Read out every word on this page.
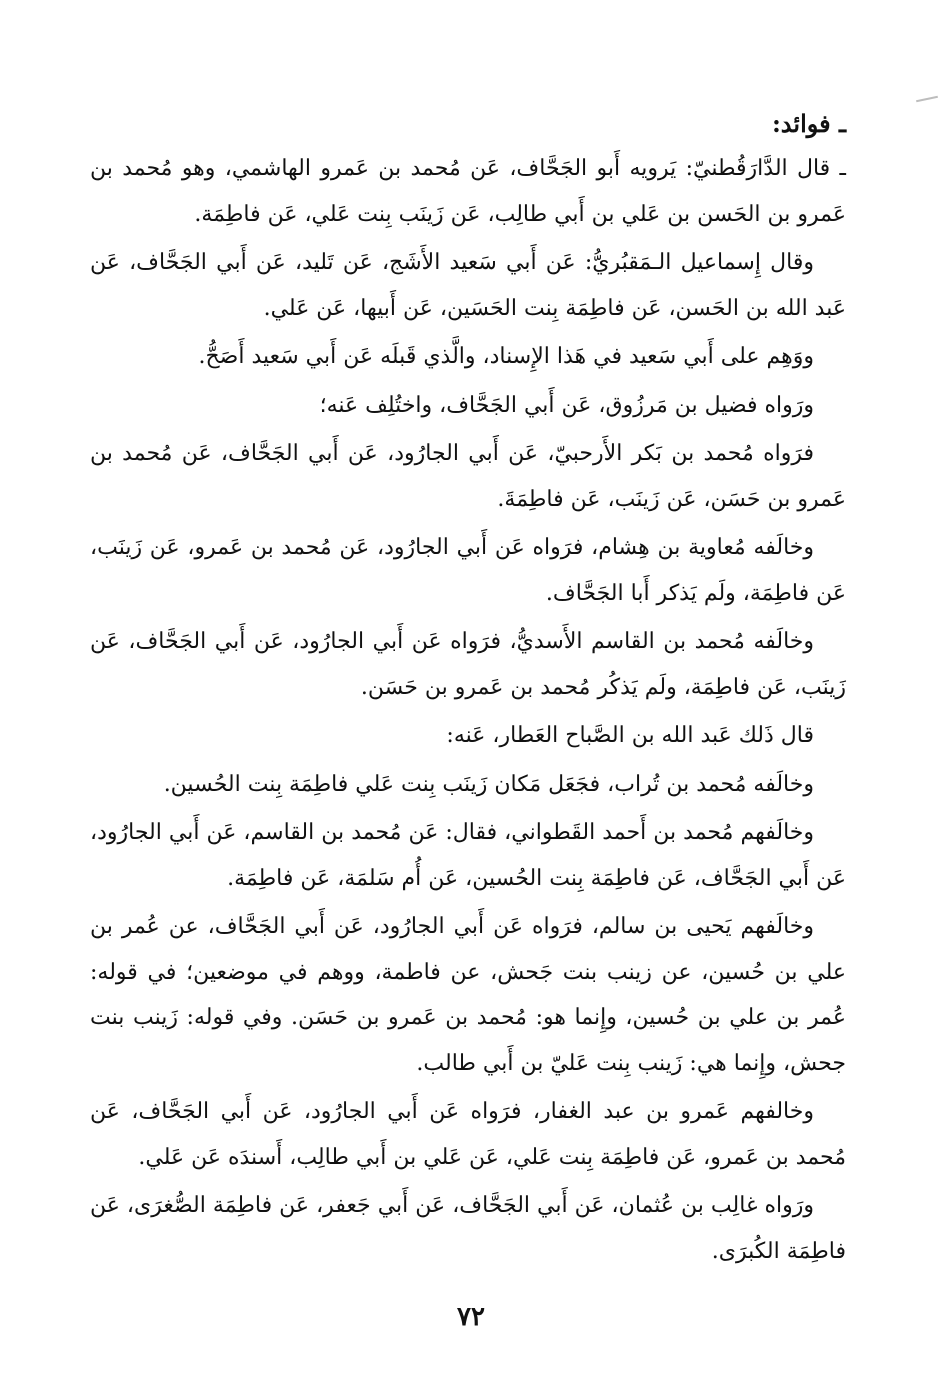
ـ فوائد:

ـ قال الدَّارَقُطنيّ: يَرويه أَبو الجَحَّاف، عَن مُحمد بن عَمرو الهاشمي، وهو مُحمد بن عَمرو بن الحَسن بن عَلي بن أَبي طالِب، عَن زَينَب بِنت عَلي، عَن فاطِمَة.

وقال إِسماعيل الـمَقبُريُّ: عَن أَبي سَعيد الأَشَج، عَن تَليد، عَن أَبي الجَحَّاف، عَن عَبد الله بن الحَسن، عَن فاطِمَة بِنت الحَسَين، عَن أَبيها، عَن عَلي.

ووَهِم على أَبي سَعيد في هَذا الإِسناد، والَّذي قَبلَه عَن أَبي سَعيد أَصَحُّ.

ورَواه فضيل بن مَرزُوق، عَن أَبي الجَحَّاف، واختُلِف عَنه؛

فرَواه مُحمد بن بَكر الأَرحبيّ، عَن أَبي الجارُود، عَن أَبي الجَحَّاف، عَن مُحمد بن عَمرو بن حَسَن، عَن زَينَب، عَن فاطِمَةَ.

وخالَفه مُعاوية بن هِشام، فرَواه عَن أَبي الجارُود، عَن مُحمد بن عَمرو، عَن زَينَب، عَن فاطِمَة، ولَم يَذكر أَبا الجَحَّاف.

وخالَفه مُحمد بن القاسم الأَسديُّ، فرَواه عَن أَبي الجارُود، عَن أَبي الجَحَّاف، عَن زَينَب، عَن فاطِمَة، ولَم يَذكُر مُحمد بن عَمرو بن حَسَن.

قال ذَلك عَبد الله بن الصَّباح العَطار، عَنه:

وخالَفه مُحمد بن تُراب، فجَعَل مَكان زَينَب بِنت عَلي فاطِمَة بِنت الحُسين.

وخالَفهم مُحمد بن أَحمد القَطواني، فقال: عَن مُحمد بن القاسم، عَن أَبي الجارُود، عَن أَبي الجَحَّاف، عَن فاطِمَة بِنت الحُسين، عَن أُم سَلمَة، عَن فاطِمَة.

وخالَفهم يَحيى بن سالم، فرَواه عَن أَبي الجارُود، عَن أَبي الجَحَّاف، عن عُمر بن علي بن حُسين، عن زينب بنت جَحش، عن فاطمة، ووهم في موضعين؛ في قوله: عُمر بن علي بن حُسين، وإِنما هو: مُحمد بن عَمرو بن حَسَن. وفي قوله: زَينب بنت جحش، وإِنما هي: زَينب بِنت عَليّ بن أَبي طالب.

وخالفهم عَمرو بن عبد الغفار، فرَواه عَن أَبي الجارُود، عَن أَبي الجَحَّاف، عَن مُحمد بن عَمرو، عَن فاطِمَة بِنت عَلي، عَن عَلي بن أَبي طالِب، أَسندَه عَن عَلي.

ورَواه غالِب بن عُثمان، عَن أَبي الجَحَّاف، عَن أَبي جَعفر، عَن فاطِمَة الصُّغرَى، عَن فاطِمَة الكُبرَى.

٧٢
